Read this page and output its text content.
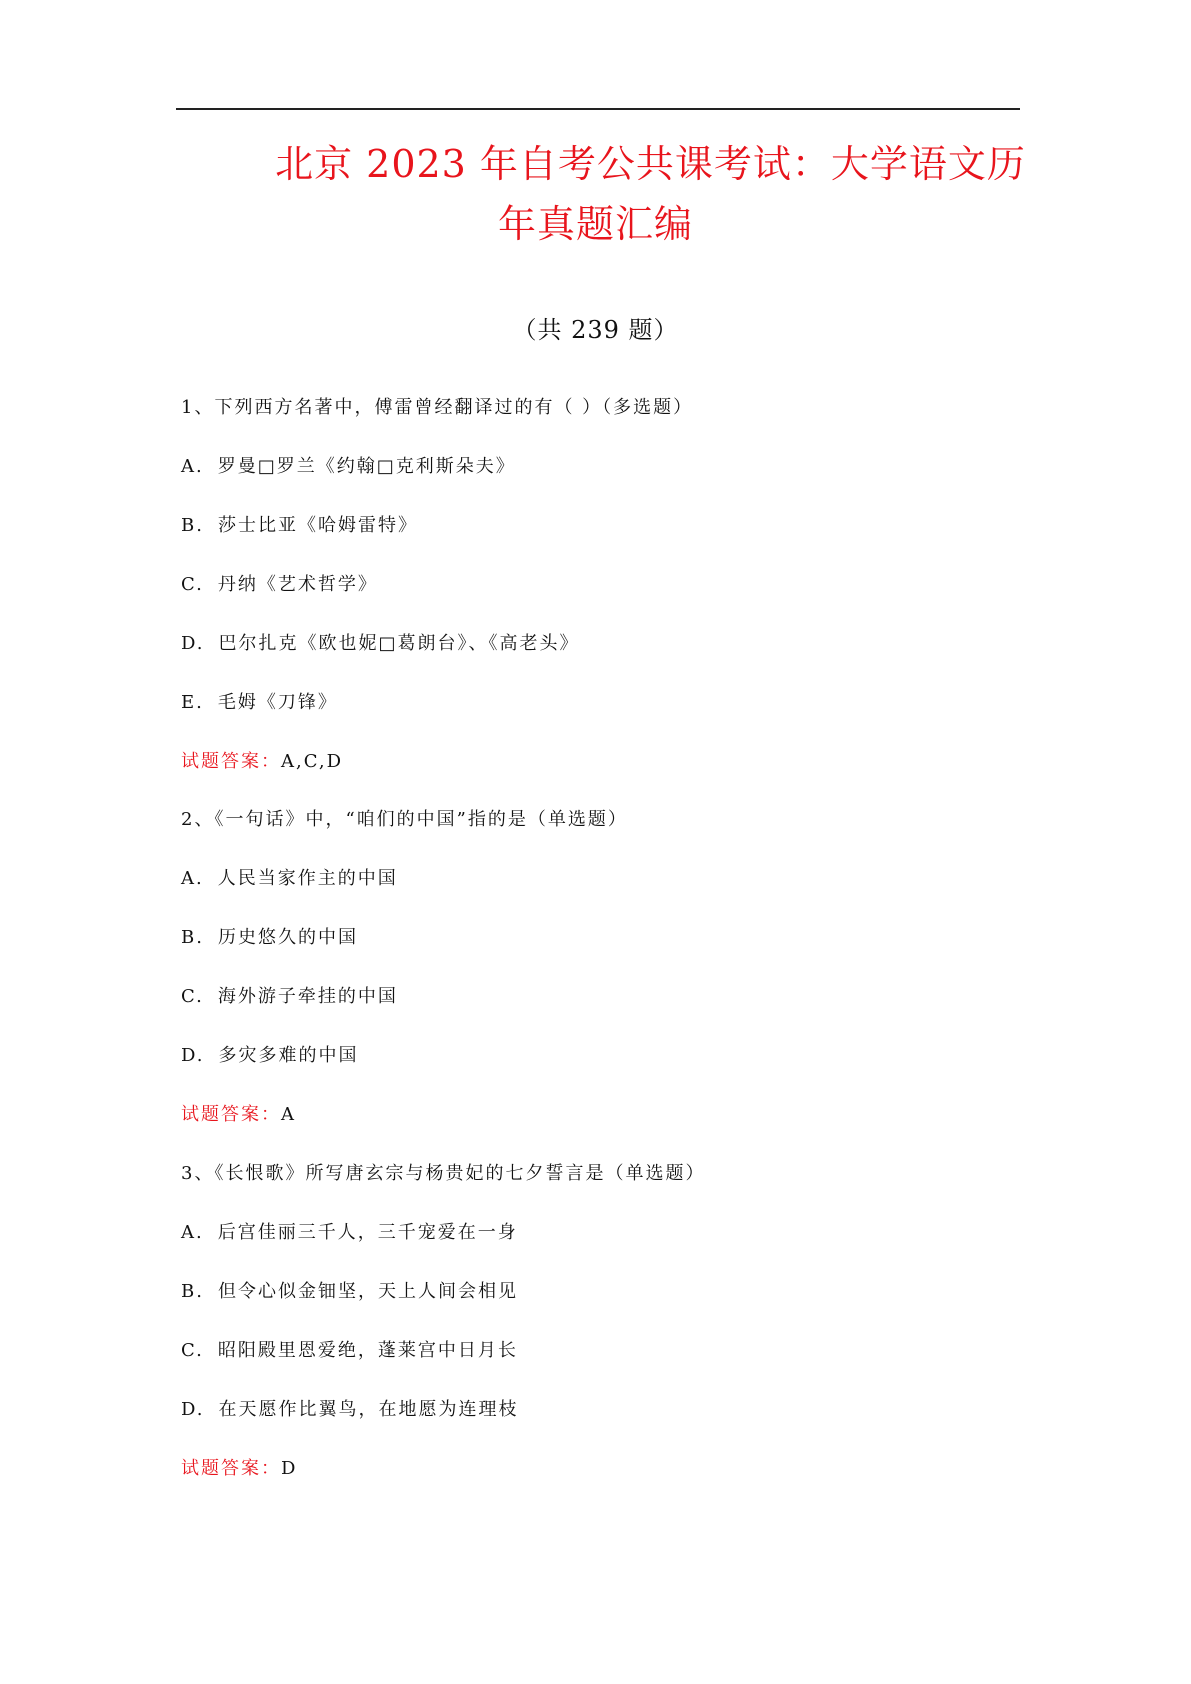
北京 2023 年自考公共课考试：大学语文历
年真题汇编
（共 239 题）
1、下列西方名著中，傅雷曾经翻译过的有（ ）（多选题）
A. 罗曼□罗兰《约翰□克利斯朵夫》
B. 莎士比亚《哈姆雷特》
C. 丹纳《艺术哲学》
D. 巴尔扎克《欧也妮□葛朗台》、《高老头》
E. 毛姆《刀锋》
试题答案：A,C,D
2、《一句话》中，“咱们的中国”指的是（单选题）
A. 人民当家作主的中国
B. 历史悠久的中国
C. 海外游子牵挂的中国
D. 多灾多难的中国
试题答案：A
3、《长恨歌》所写唐玄宗与杨贵妃的七夕誓言是（单选题）
A. 后宫佳丽三千人，三千宠爱在一身
B. 但令心似金钿坚，天上人间会相见
C. 昭阳殿里恩爱绝，蓬莱宫中日月长
D. 在天愿作比翼鸟，在地愿为连理枝
试题答案：D
